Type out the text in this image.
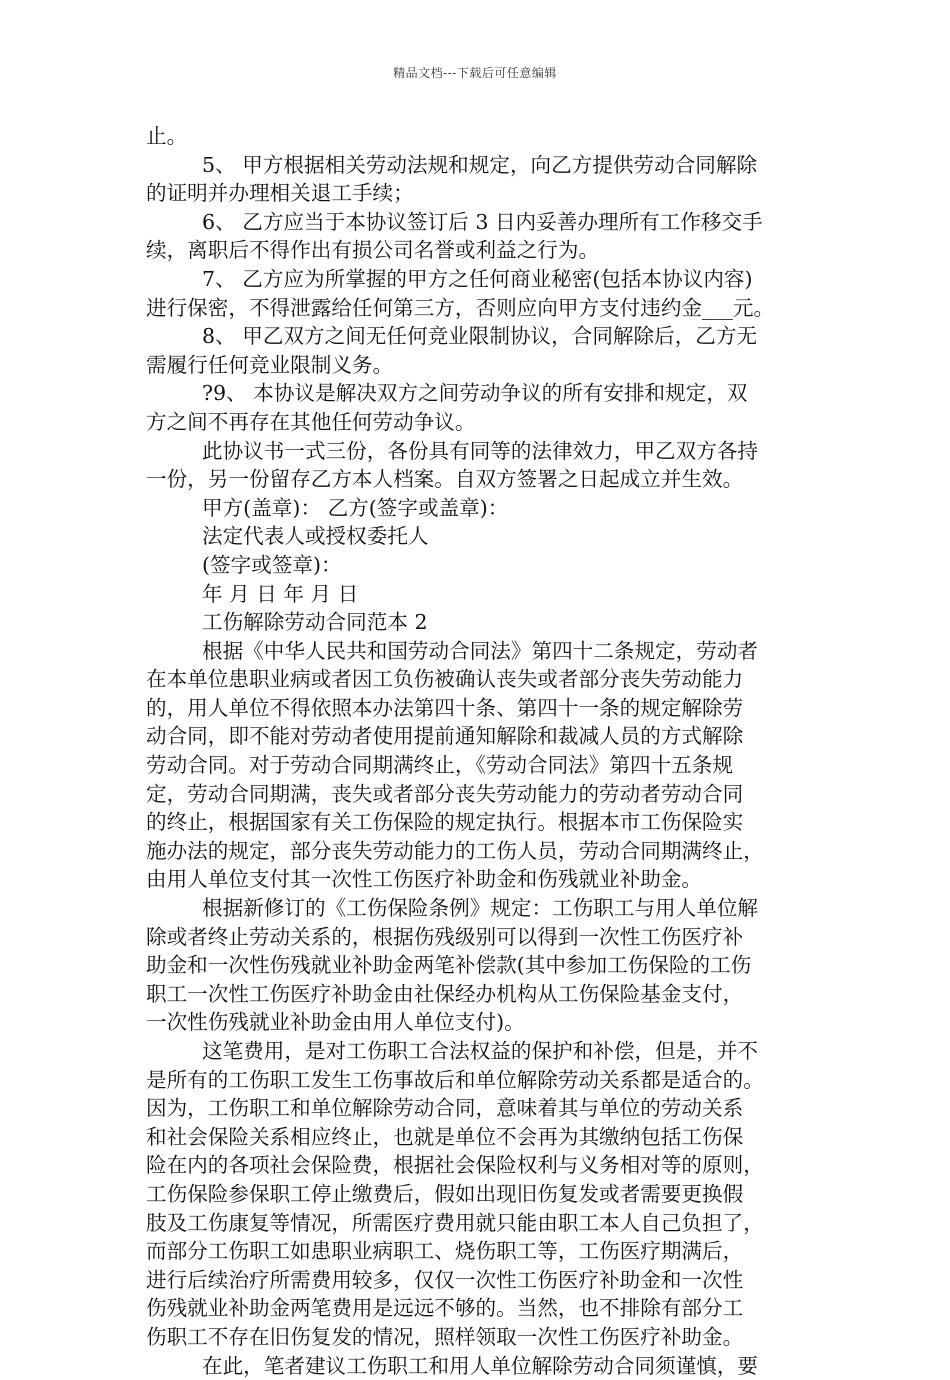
精品文档---下载后可任意编辑
止。
5、 甲方根据相关劳动法规和规定，向乙方提供劳动合同解除
的证明并办理相关退工手续；
6、 乙方应当于本协议签订后 3 日内妥善办理所有工作移交手
续，离职后不得作出有损公司名誉或利益之行为。
7、 乙方应为所掌握的甲方之任何商业秘密(包括本协议内容)
进行保密，不得泄露给任何第三方，否则应向甲方支付违约金___元。
8、 甲乙双方之间无任何竞业限制协议，合同解除后，乙方无
需履行任何竞业限制义务。
?9、 本协议是解决双方之间劳动争议的所有安排和规定，双
方之间不再存在其他任何劳动争议。
此协议书一式三份，各份具有同等的法律效力，甲乙双方各持
一份，另一份留存乙方本人档案。自双方签署之日起成立并生效。
甲方(盖章)： 乙方(签字或盖章)：
法定代表人或授权委托人
(签字或签章)：
年 月 日 年 月 日
工伤解除劳动合同范本 2
根据《中华人民共和国劳动合同法》第四十二条规定，劳动者
在本单位患职业病或者因工负伤被确认丧失或者部分丧失劳动能力
的，用人单位不得依照本办法第四十条、第四十一条的规定解除劳
动合同，即不能对劳动者使用提前通知解除和裁减人员的方式解除
劳动合同。对于劳动合同期满终止，《劳动合同法》第四十五条规
定，劳动合同期满，丧失或者部分丧失劳动能力的劳动者劳动合同
的终止，根据国家有关工伤保险的规定执行。根据本市工伤保险实
施办法的规定，部分丧失劳动能力的工伤人员，劳动合同期满终止，
由用人单位支付其一次性工伤医疗补助金和伤残就业补助金。
根据新修订的《工伤保险条例》规定：工伤职工与用人单位解
除或者终止劳动关系的，根据伤残级别可以得到一次性工伤医疗补
助金和一次性伤残就业补助金两笔补偿款(其中参加工伤保险的工伤
职工一次性工伤医疗补助金由社保经办机构从工伤保险基金支付，
一次性伤残就业补助金由用人单位支付)。
这笔费用，是对工伤职工合法权益的保护和补偿，但是，并不
是所有的工伤职工发生工伤事故后和单位解除劳动关系都是适合的。
因为，工伤职工和单位解除劳动合同，意味着其与单位的劳动关系
和社会保险关系相应终止，也就是单位不会再为其缴纳包括工伤保
险在内的各项社会保险费，根据社会保险权利与义务相对等的原则，
工伤保险参保职工停止缴费后，假如出现旧伤复发或者需要更换假
肢及工伤康复等情况，所需医疗费用就只能由职工本人自己负担了，
而部分工伤职工如患职业病职工、烧伤职工等，工伤医疗期满后，
进行后续治疗所需费用较多，仅仅一次性工伤医疗补助金和一次性
伤残就业补助金两笔费用是远远不够的。当然，也不排除有部分工
伤职工不存在旧伤复发的情况，照样领取一次性工伤医疗补助金。
在此，笔者建议工伤职工和用人单位解除劳动合同须谨慎，要
